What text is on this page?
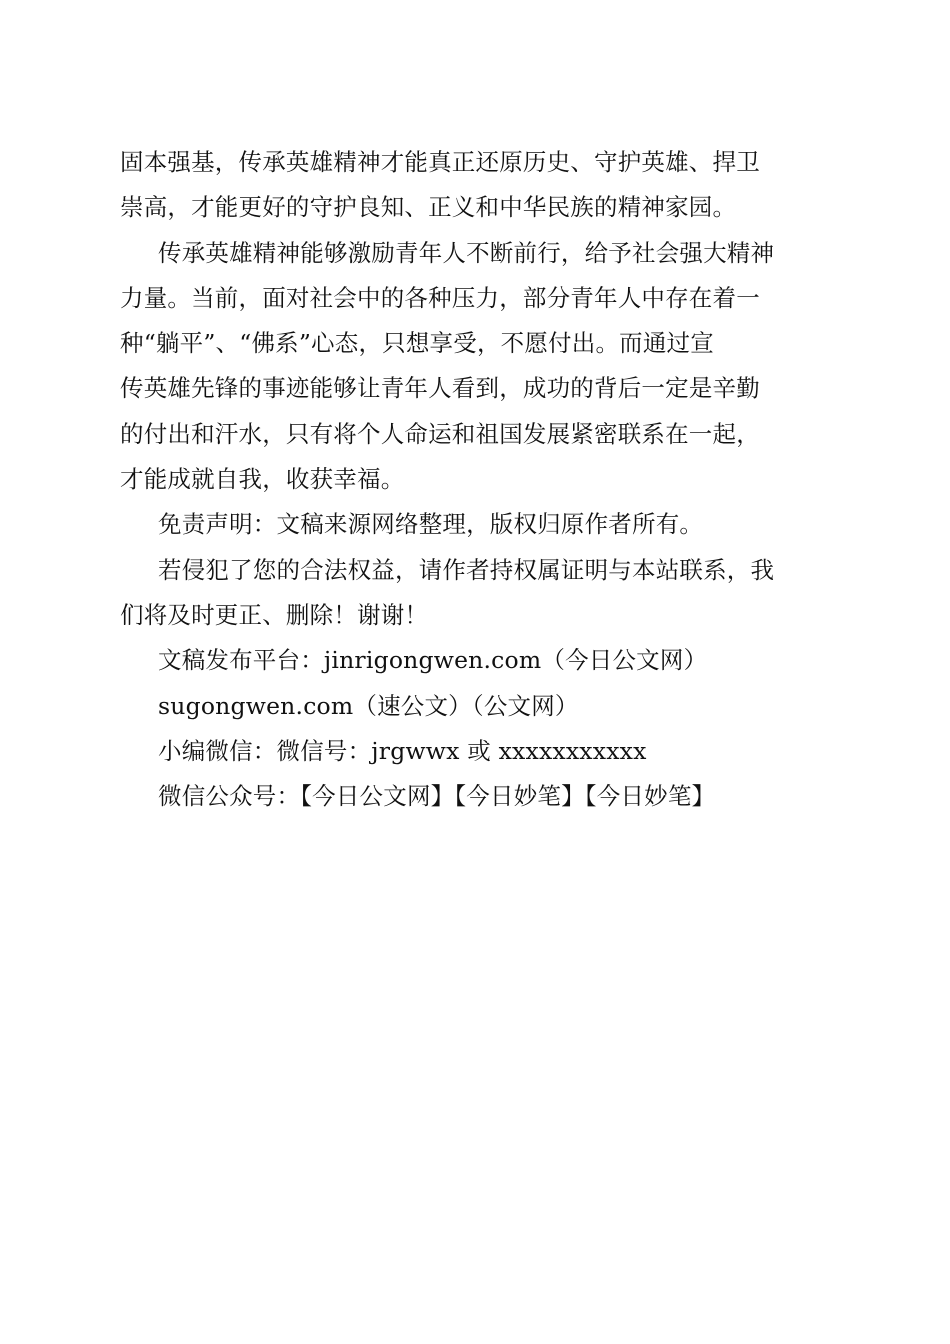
固本强基，传承英雄精神才能真正还原历史、守护英雄、捍卫
崇高，才能更好的守护良知、正义和中华民族的精神家园。

传承英雄精神能够激励青年人不断前行，给予社会强大精神
力量。当前，面对社会中的各种压力，部分青年人中存在着一
种“躺平”、“佛系”心态，只想享受，不愿付出。而通过宣
传英雄先锋的事迹能够让青年人看到，成功的背后一定是辛勤
的付出和汗水，只有将个人命运和祖国发展紧密联系在一起，
才能成就自我，收获幸福。

免责声明：文稿来源网络整理，版权归原作者所有。

若侵犯了您的合法权益，请作者持权属证明与本站联系，我
们将及时更正、删除！谢谢！

文稿发布平台：jinrigongwen.com（今日公文网）

sugongwen.com（速公文）（公文网）

小编微信：微信号：jrgwwx 或 xxxxxxxxxxx

微信公众号：【今日公文网】【今日妙笔】【今日妙笔】
